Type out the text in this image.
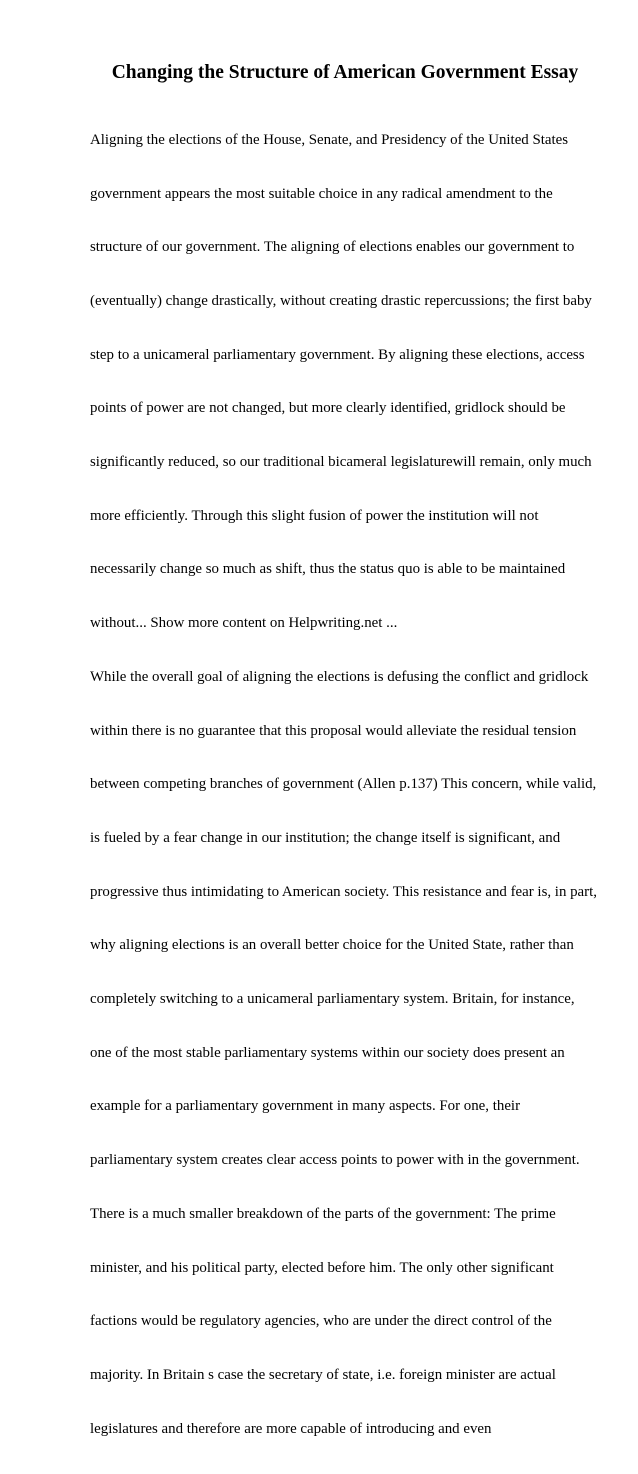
Changing the Structure of American Government Essay

Aligning the elections of the House, Senate, and Presidency of the United States

government appears the most suitable choice in any radical amendment to the

structure of our government. The aligning of elections enables our government to

(eventually) change drastically, without creating drastic repercussions; the first baby

step to a unicameral parliamentary government. By aligning these elections, access

points of power are not changed, but more clearly identified, gridlock should be

significantly reduced, so our traditional bicameral legislaturewill remain, only much

more efficiently. Through this slight fusion of power the institution will not

necessarily change so much as shift, thus the status quo is able to be maintained

without... Show more content on Helpwriting.net ...

While the overall goal of aligning the elections is defusing the conflict and gridlock

within there is no guarantee that this proposal would alleviate the residual tension

between competing branches of government (Allen p.137) This concern, while valid,

is fueled by a fear change in our institution; the change itself is significant, and

progressive thus intimidating to American society. This resistance and fear is, in part,

why aligning elections is an overall better choice for the United State, rather than

completely switching to a unicameral parliamentary system. Britain, for instance,

one of the most stable parliamentary systems within our society does present an

example for a parliamentary government in many aspects. For one, their

parliamentary system creates clear access points to power with in the government.

There is a much smaller breakdown of the parts of the government: The prime

minister, and his political party, elected before him. The only other significant

factions would be regulatory agencies, who are under the direct control of the

majority. In Britain s case the secretary of state, i.e. foreign minister are actual

legislatures and therefore are more capable of introducing and even
